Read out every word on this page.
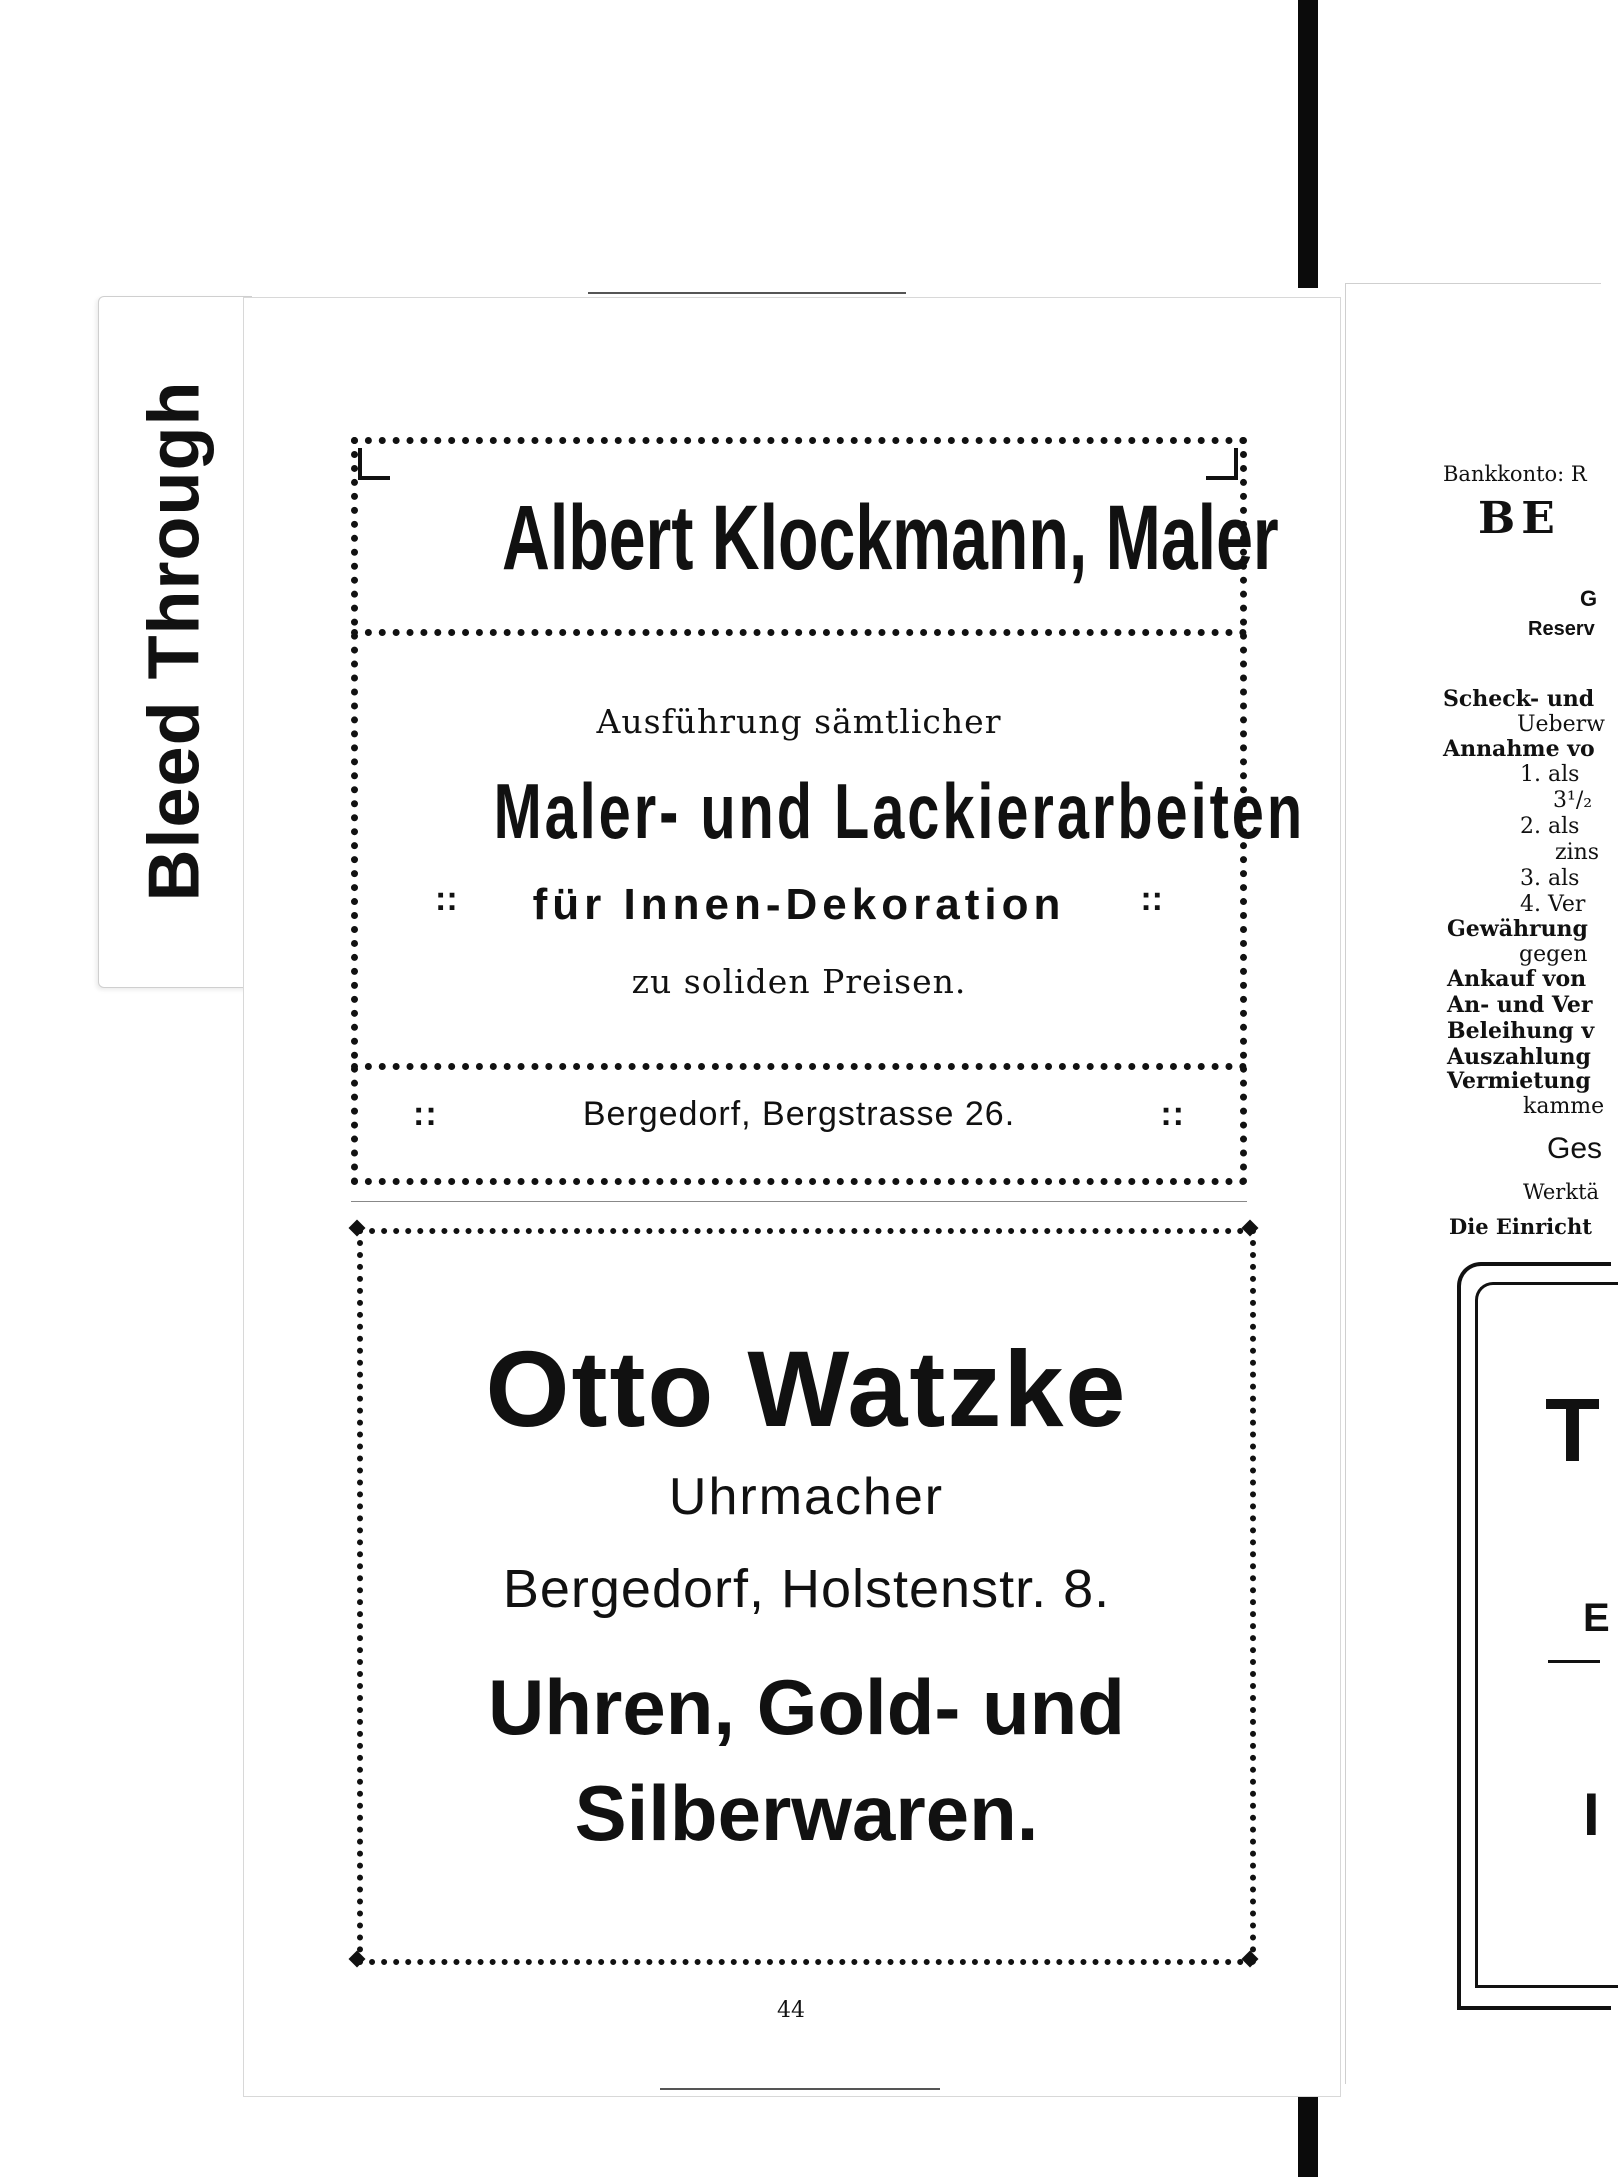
Bleed Through	Bankkonto: R
BE
G
Reserv
Scheck- und
Ueberw
Annahme vo
1. als
3¹/₂
2. als
zins
3. als
4. Ver
Gewährung
gegen
Ankauf von
An- und Ver
Beleihung v
Auszahlung
Vermietung
kamme
Ges
Werktä
Die Einricht
T
E
I
Albert Klockmann, Maler
Ausführung sämtlicher
Maler- und Lackierarbeiten
::	für Innen-Dekoration	::
zu soliden Preisen.
::	Bergedorf, Bergstrasse 26.	::
Otto Watzke
Uhrmacher
Bergedorf, Holstenstr. 8.
Uhren, Gold- und
Silberwaren.
44
